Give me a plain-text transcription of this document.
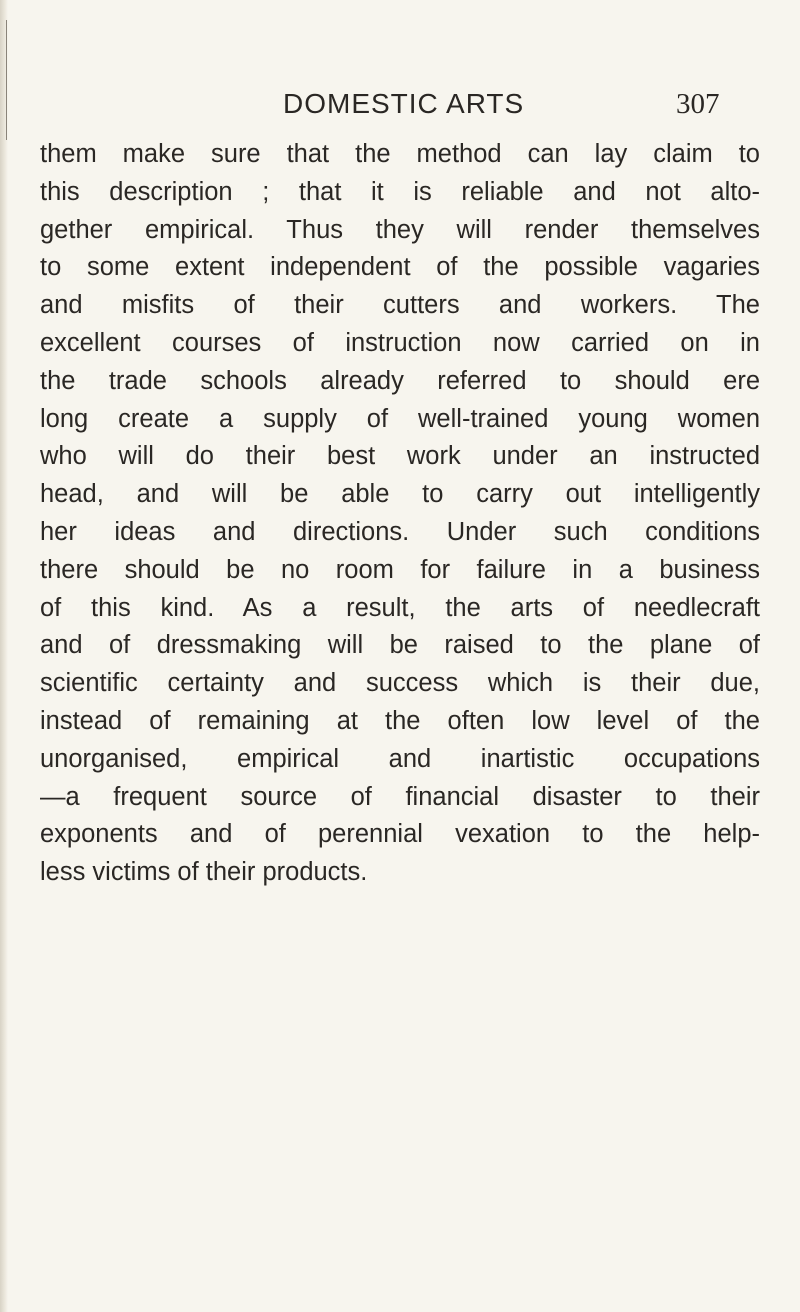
DOMESTIC ARTS	307
them make sure that the method can lay claim to
this description ; that it is reliable and not alto-
gether empirical. Thus they will render themselves
to some extent independent of the possible vagaries
and misfits of their cutters and workers. The
excellent courses of instruction now carried on in
the trade schools already referred to should ere
long create a supply of well-trained young women
who will do their best work under an instructed
head, and will be able to carry out intelligently
her ideas and directions. Under such conditions
there should be no room for failure in a business
of this kind. As a result, the arts of needlecraft
and of dressmaking will be raised to the plane of
scientific certainty and success which is their due,
instead of remaining at the often low level of the
unorganised, empirical and inartistic occupations
—a frequent source of financial disaster to their
exponents and of perennial vexation to the help-
less victims of their products.
